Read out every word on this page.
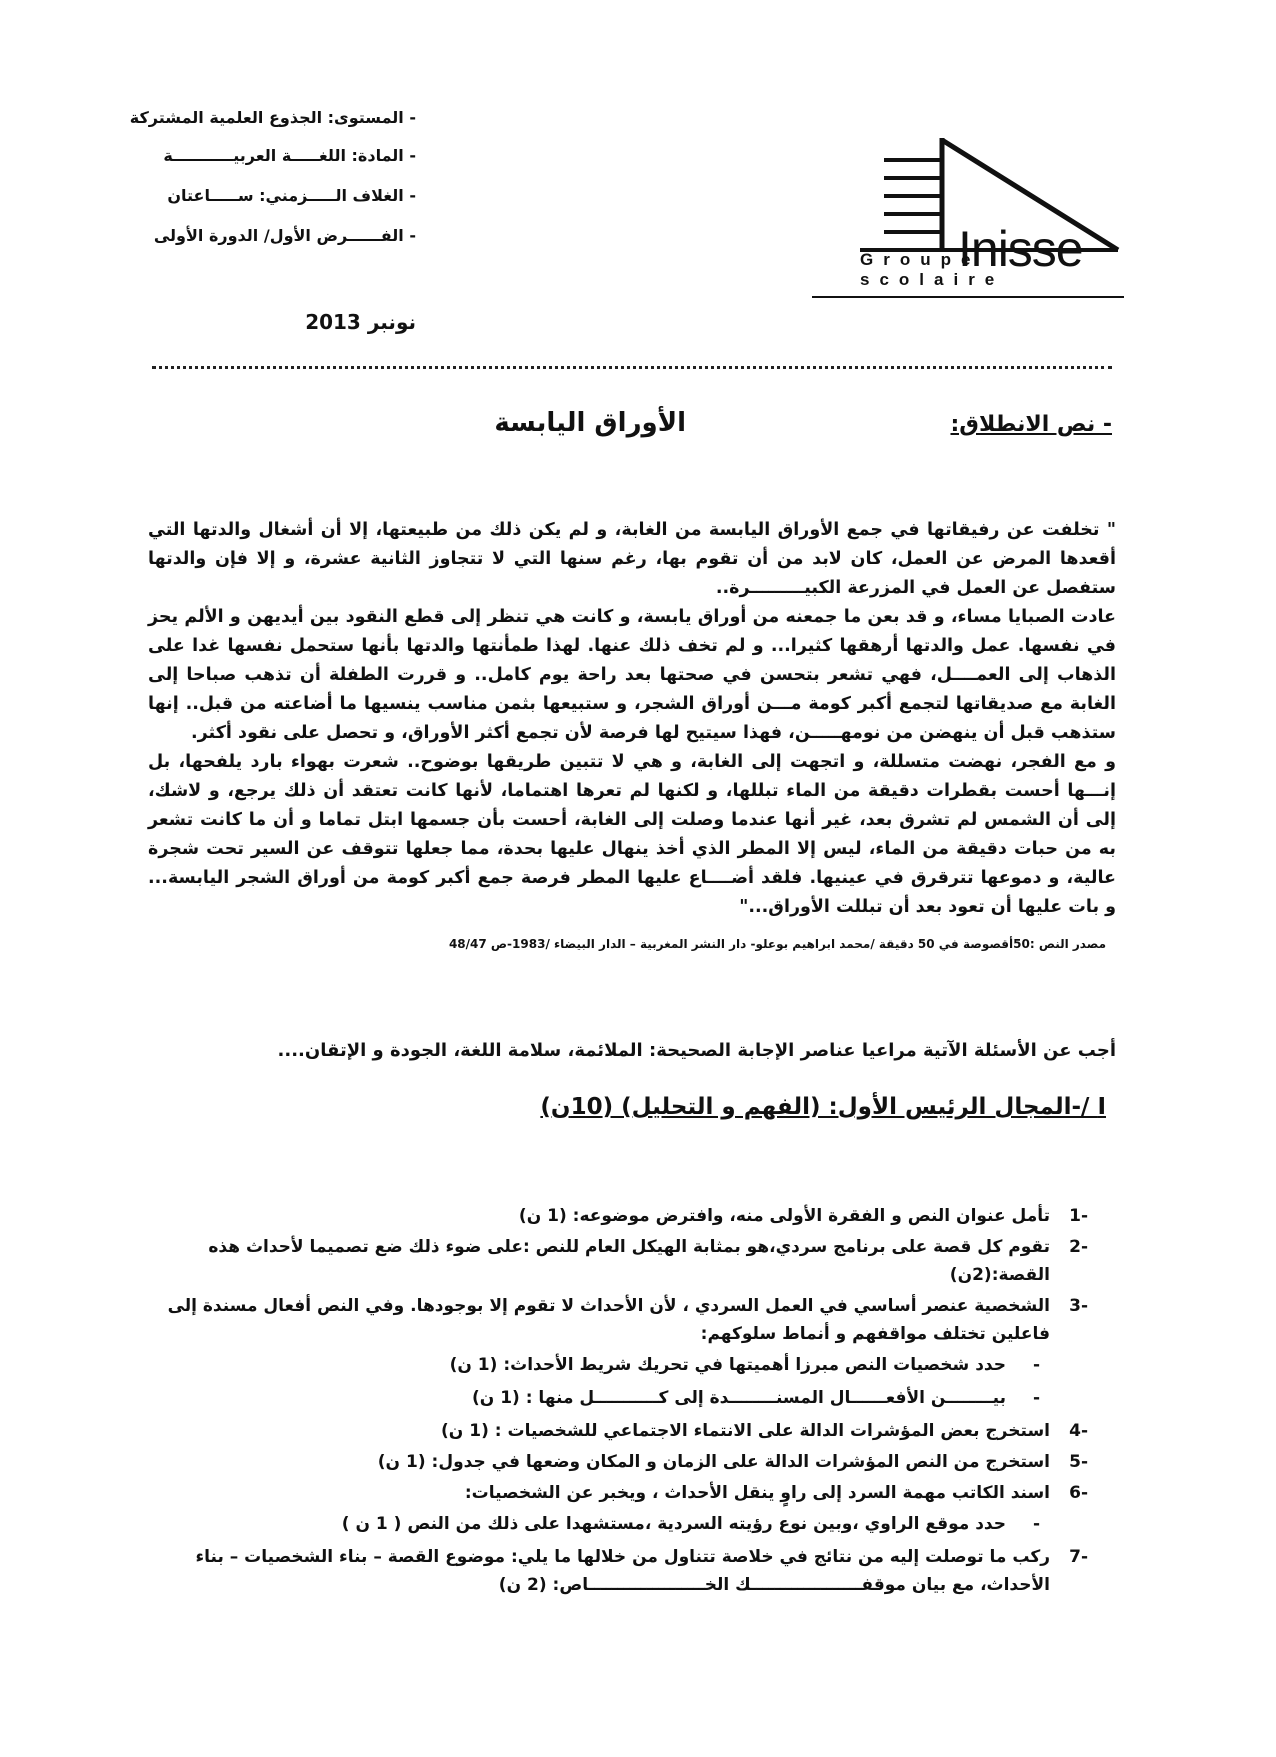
- المستوى: الجذوع العلمية المشتركة
- المادة: اللغـــــة العربيـــــــــــة
- الغلاف الـــــزمني: ســـــاعتان
- الفــــــرض الأول/ الدورة الأولى
نونبر 2013
Inisse
Groupe scolaire
- نص الانطلاق:
الأوراق اليابسة

" تخلفت عن رفيقاتها في جمع الأوراق اليابسة من الغابة، و لم يكن ذلك من طبيعتها، إلا أن أشغال والدتها التي أقعدها المرض عن العمل، كان لابد من أن تقوم بها، رغم سنها التي لا تتجاوز الثانية عشرة، و إلا فإن والدتها ستفصل عن العمل في المزرعة الكبيـــــــــرة..

عادت الصبايا مساء، و قد بعن ما جمعنه من أوراق يابسة، و كانت هي تنظر إلى قطع النقود بين أيديهن و الألم يحز في نفسها. عمل والدتها أرهقها كثيرا... و لم تخف ذلك عنها. لهذا طمأنتها والدتها بأنها ستحمل نفسها غدا على الذهاب إلى العمــــل، فهي تشعر بتحسن في صحتها بعد راحة يوم كامل.. و قررت الطفلة أن تذهب صباحا إلى الغابة مع صديقاتها لتجمع أكبر كومة مـــن أوراق الشجر، و ستبيعها بثمن مناسب ينسيها ما أضاعته من قبل.. إنها ستذهب قبل أن ينهضن من نومهـــــن، فهذا سيتيح لها فرصة لأن تجمع أكثر الأوراق، و تحصل على نقود أكثر.

و مع الفجر، نهضت متسللة، و اتجهت إلى الغابة، و هي لا تتبين طريقها بوضوح.. شعرت بهواء بارد يلفحها، بل إنـــها أحست بقطرات دقيقة من الماء تبللها، و لكنها لم تعرها اهتماما، لأنها كانت تعتقد أن ذلك يرجع، و لاشك، إلى أن الشمس لم تشرق بعد، غير أنها عندما وصلت إلى الغابة، أحست بأن جسمها ابتل تماما و أن ما كانت تشعر به من حبات دقيقة من الماء، ليس إلا المطر الذي أخذ ينهال عليها بحدة، مما جعلها تتوقف عن السير تحت شجرة عالية، و دموعها تترقرق في عينيها. فلقد أضــــاع عليها المطر فرصة جمع أكبر كومة من أوراق الشجر اليابسة... و بات عليها أن تعود بعد أن تبللت الأوراق..."

مصدر النص :50أقصوصة في 50 دقيقة /محمد ابراهيم بوعلو- دار النشر المغربية – الدار البيضاء /1983-ص 48/47
أجب عن الأسئلة الآتية مراعيا عناصر الإجابة الصحيحة: الملائمة، سلامة اللغة، الجودة و الإتقان....
I /-المجال الرئيس الأول: (الفهم و التحليل) (10ن)
-1
تأمل عنوان النص و الفقرة الأولى منه، وافترض موضوعه: (1 ن)
-2
تقوم كل قصة على برنامج سردي،هو بمثابة الهيكل العام للنص :على ضوء ذلك ضع تصميما لأحداث هذه القصة:(2ن)
-3
الشخصية عنصر أساسي في العمل السردي ، لأن الأحداث لا تقوم إلا بوجودها. وفي النص أفعال مسندة إلى فاعلين تختلف مواقفهم و أنماط سلوكهم:
-
حدد شخصيات النص مبرزا أهميتها في تحريك شريط الأحداث: (1 ن)
-
بيــــــــن الأفعــــــال المسنــــــــدة إلى كـــــــــــل منها : (1 ن)
-4
استخرج بعض المؤشرات الدالة على الانتماء الاجتماعي للشخصيات : (1 ن)
-5
استخرج من النص المؤشرات الدالة على الزمان و المكان وضعها في جدول: (1 ن)
-6
اسند الكاتب مهمة السرد إلى راوٍ ينقل الأحداث ، ويخبر عن الشخصيات:
-
حدد موقع الراوي ،وبين نوع رؤيته السردية ،مستشهدا على ذلك من النص ( 1 ن )
-7
ركب ما توصلت إليه من نتائج في خلاصة تتناول من خلالها ما يلي: موضوع القصة – بناء الشخصيات – بناء الأحداث، مع بيان موقفـــــــــــــــــــك الخــــــــــــــــــــاص: (2 ن)
